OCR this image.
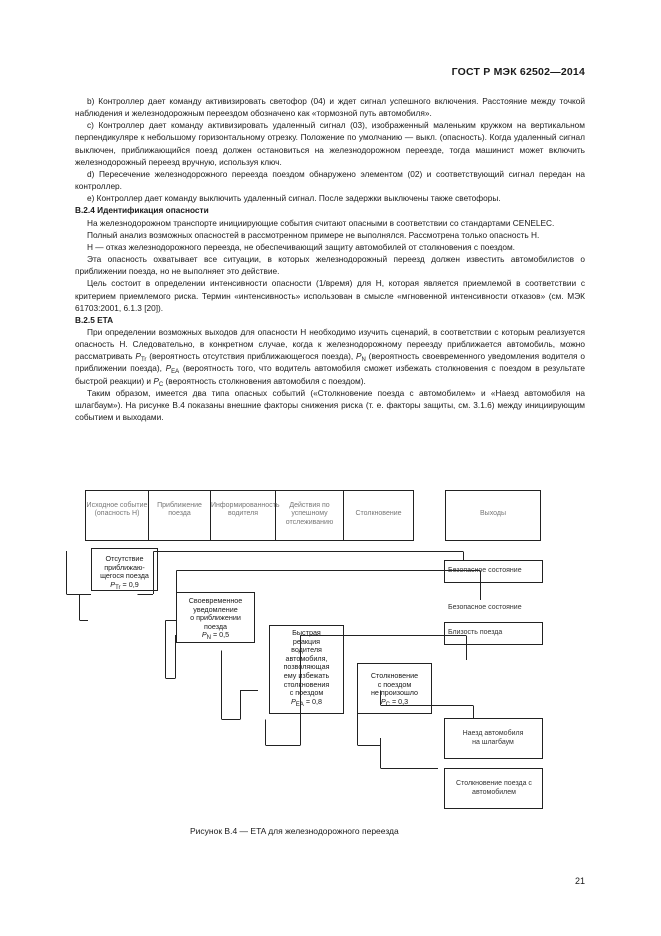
ГОСТ Р МЭК 62502—2014

b) Контроллер дает команду активизировать светофор (04) и ждет сигнал успешного включения. Расстояние между точкой наблюдения и железнодорожным переездом обозначено как «тормозной путь автомобиля».

c) Контроллер дает команду активизировать удаленный сигнал (03), изображенный маленьким кружком на вертикальном перпендикуляре к небольшому горизонтальному отрезку. Положение по умолчанию — выкл. (опасность). Когда удаленный сигнал выключен, приближающийся поезд должен остановиться на железнодорожном переезде, тогда машинист может включить железнодорожный переезд вручную, используя ключ.

d) Пересечение железнодорожного переезда поездом обнаружено элементом (02) и соответствующий сигнал передан на контроллер.

e) Контроллер дает команду выключить удаленный сигнал. После задержки выключены также светофоры.

B.2.4 Идентификация опасности

На железнодорожном транспорте инициирующие события считают опасными в соответствии со стандартами CENELEC.

Полный анализ возможных опасностей в рассмотренном примере не выполнялся. Рассмотрена только опасность H.

H — отказ железнодорожного переезда, не обеспечивающий защиту автомобилей от столкновения с поездом.

Эта опасность охватывает все ситуации, в которых железнодорожный переезд должен известить автомобилистов о приближении поезда, но не выполняет это действие.

Цель состоит в определении интенсивности опасности (1/время) для H, которая является приемлемой в соответствии с критерием приемлемого риска. Термин «интенсивность» использован в смысле «мгновенной интенсивности отказов» (см. МЭК 61703:2001, 6.1.3 [20]).

B.2.5 ETA

При определении возможных выходов для опасности H необходимо изучить сценарий, в соответствии с которым реализуется опасность H. Следовательно, в конкретном случае, когда к железнодорожному переезду приближается автомобиль, можно рассматривать $P_{Tr}$ (вероятность отсутствия приближающегося поезда), $P_N$ (вероятность своевременного уведомления водителя о приближении поезда), $P_{EA}$ (вероятность того, что водитель автомобиля сможет избежать столкновения с поездом в результате быстрой реакции) и $P_C$ (вероятность столкновения автомобиля с поездом).

Таким образом, имеется два типа опасных событий («Столкновение поезда с автомобилем» и «Наезд автомобиля на шлагбаум»). На рисунке B.4 показаны внешние факторы снижения риска (т. е. факторы защиты, см. 3.1.6) между инициирующим событием и выходами.

Исходное событие (опасность H)
Приближение поезда
Информированность водителя
Действия по успешному отслеживанию
Столкновение	Выходы
Отсутствие
приближаю-
щегося поезда
$P_{Tr} = 0,9$
Своевременное
уведомление
о приближении
поезда
$P_N = 0,5$	Быстрая
реакция
водителя
автомобиля,
позволяющая
ему избежать
столкновения
с поездом
$P_{EA} = 0,8$
Столкновение
с поездом
не произошло
$P_C = 0,3$
Безопасное состояние
Безопасное состояние
Близость поезда
Наезд автомобиля на шлагбаум
Столкновение поезда с автомобилем
Рисунок B.4 — ETA для железнодорожного переезда
21
